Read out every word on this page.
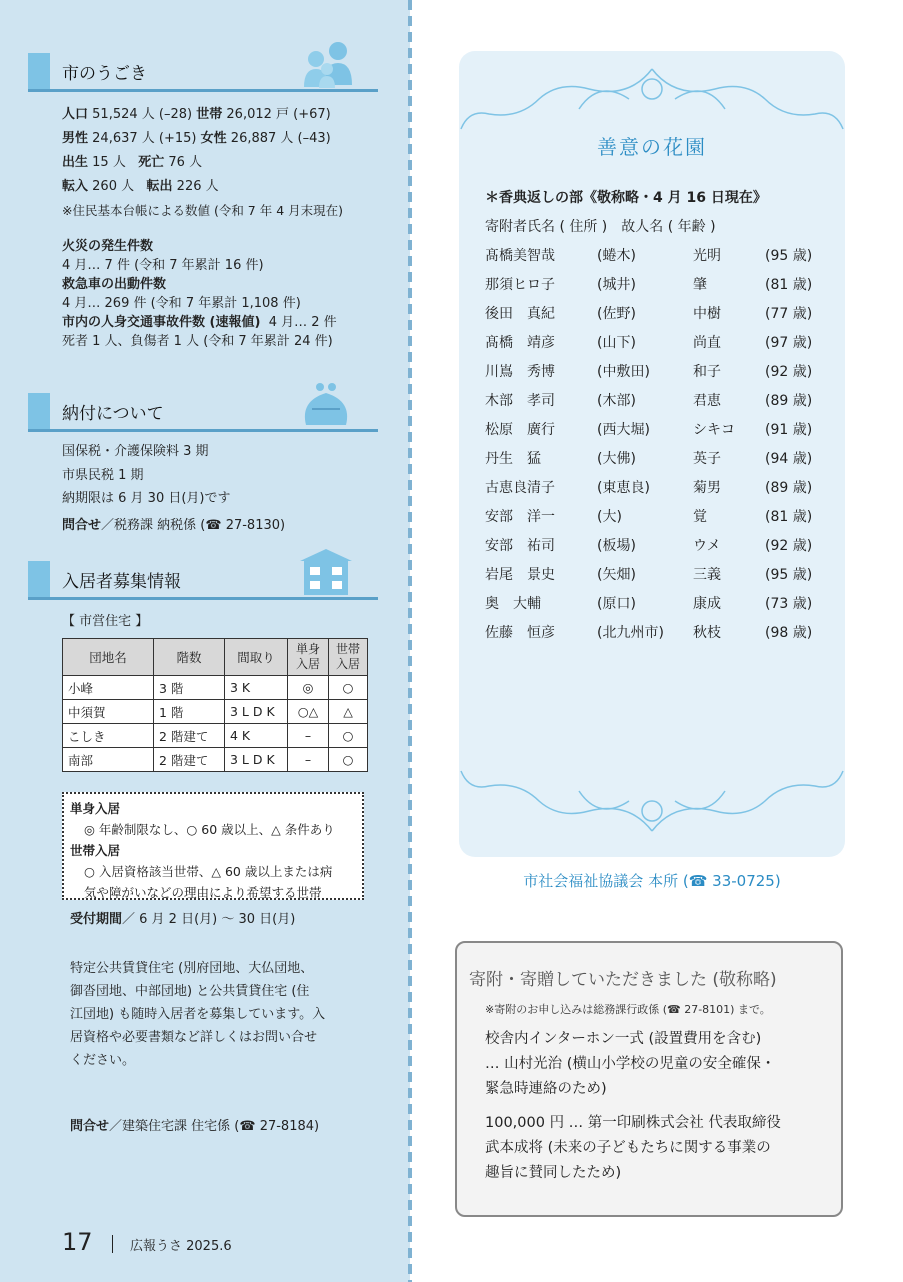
市のうごき
人口 51,524 人 (–28) 世帯 26,012 戸 (+67)
男性 24,637 人 (+15) 女性 26,887 人 (–43)
出生 15 人 死亡 76 人
転入 260 人 転出 226 人
※住民基本台帳による数値 (令和 7 年 4 月末現在)
火災の発生件数
4 月… 7 件 (令和 7 年累計 16 件)
救急車の出動件数
4 月… 269 件 (令和 7 年累計 1,108 件)
市内の人身交通事故件数 (速報値) 4 月… 2 件
死者 1 人、負傷者 1 人 (令和 7 年累計 24 件)
納付について
国保税・介護保険料 3 期
市県民税 1 期
納期限は 6 月 30 日(月)です
問合せ／税務課 納税係 (☎ 27-8130)
入居者募集情報
【 市営住宅 】
団地名	階数	間取り	単身入居	世帯入居
小峰	3 階	3 K	◎	○
中須賀	1 階	3 L D K	○△	△
こしき	2 階建て	4 K	–	○
南部	2 階建て	3 L D K	–	○
単身入居
◎ 年齢制限なし、○ 60 歳以上、△ 条件あり
世帯入居
○ 入居資格該当世帯、△ 60 歳以上または病
気や障がいなどの理由により希望する世帯
受付期間／ 6 月 2 日(月) 〜 30 日(月)
特定公共賃貸住宅 (別府団地、大仏団地、
御沓団地、中部団地) と公共賃貸住宅 (住
江団地) も随時入居者を募集しています。入
居資格や必要書類など詳しくはお問い合せ
ください。
問合せ／建築住宅課 住宅係 (☎ 27-8184)
善意の花園
＊香典返しの部《敬称略・4 月 16 日現在》
寄附者氏名 ( 住所 )　故人名 ( 年齢 )
髙橋美智哉	(蜷木)	光明	(95 歳)
那須ヒロ子	(城井)	肇	(81 歳)
後田　真紀	(佐野)	中樹	(77 歳)
髙橋　靖彦	(山下)	尚直	(97 歳)
川嶌　秀博	(中敷田)	和子	(92 歳)
木部　孝司	(木部)	君恵	(89 歳)
松原　廣行	(西大堀)	シキコ (91 歳)
丹生　猛	(大佛)	英子	(94 歳)
古恵良清子	(東恵良)	菊男	(89 歳)
安部　洋一	(大)	覚	(81 歳)
安部　祐司	(板場)	ウメ	(92 歳)
岩尾　景史	(矢畑)	三義	(95 歳)
奥　大輔	(原口)	康成	(73 歳)
佐藤　恒彦	(北九州市) 秋枝	(98 歳)
市社会福祉協議会 本所 (☎ 33-0725)
寄附・寄贈していただきました (敬称略)
※寄附のお申し込みは総務課行政係 (☎ 27-8101) まで。
校舎内インターホン一式 (設置費用を含む)
… 山村光治 (横山小学校の児童の安全確保・
緊急時連絡のため)
100,000 円 … 第一印刷株式会社 代表取締役
武本成将 (未来の子どもたちに関する事業の
趣旨に賛同したため)
17	広報うさ 2025.6
